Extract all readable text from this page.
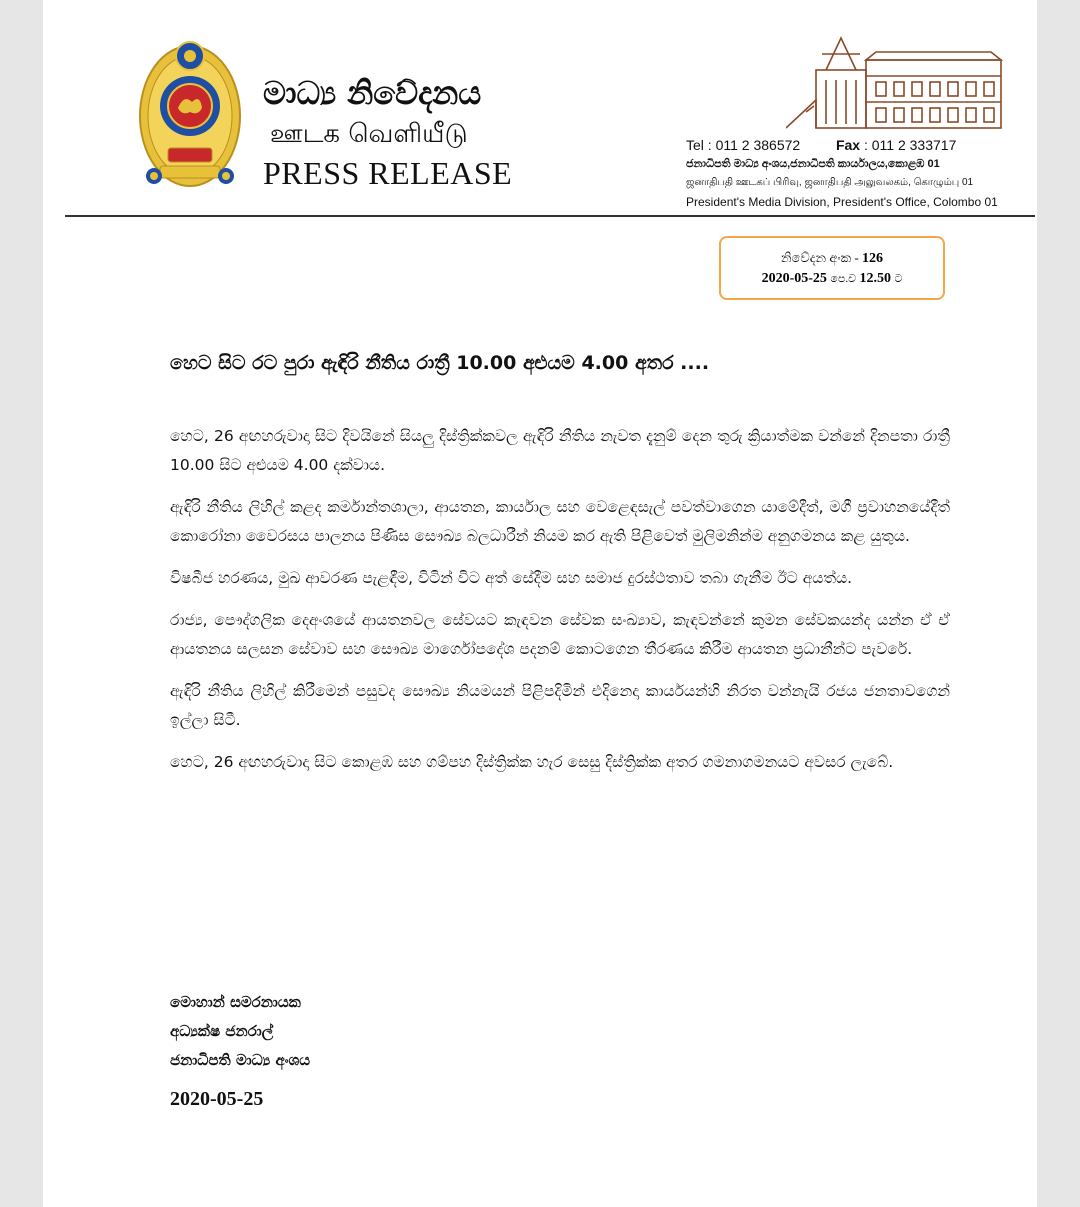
මාධ්‍ය නිවේදනය
ஊடக வெளியீடு
PRESS RELEASE
Tel : 011 2 386572	Fax : 011 2 333717
ජනාධිපති මාධ්‍ය අංශය,ජනාධිපති කාර්යාලය,කොළඹ 01
ஜனாதிபதி ஊடகப் பிரிவு, ஜனாதிபதி அலுவலகம், கொழும்பு 01
President's Media Division, President's Office, Colombo 01
නිවේදන අංක - 126
2020-05-25 පෙ.ව 12.50 ට
හෙට සිට රට පුරා ඇඳිරි නීතිය රාත්‍රී 10.00 අළුයම 4.00 අතර ....

හෙට, 26 අඟහරුවාදා සිට දිවයිනේ සියලු දිස්ත්‍රික්කවල ඇඳිරි නීතිය නැවත දැනුම් දෙන තුරු ක්‍රියාත්මක වන්නේ දිනපතා රාත්‍රී 10.00 සිට අළුයම 4.00 දක්වාය.

ඇඳිරි නීතිය ලිහිල් කළද කර්මාන්තශාලා, ආයතන, කාර්යාල සහ වෙළෙඳසැල් පවත්වාගෙන යාමේදීත්, මගී ප්‍රවාහනයේදීත් කොරෝනා වෛරසය පාලනය පිණිස සෞඛ්‍ය බලධාරීන් නියම කර ඇති පිළිවෙත් මුලිමනින්ම අනුගමනය කළ යුතුය.

විෂබීජ හරණය, මුඛ ආවරණ පැළඳීම, විටින් විට අත් සේදීම සහ සමාජ දුරස්ථතාව තබා ගැනීම ඊට අයත්ය.

රාජ්‍ය, පෞද්ගලික දෙඅංශයේ ආයතනවල සේවයට කැඳවන සේවක සංඛ්‍යාව, කැඳවන්නේ කුමන සේවකයන්ද යන්න ඒ ඒ ආයතනය සලසන සේවාව සහ සෞඛ්‍ය මාර්ගෝපදේශ පදනම් කොටගෙන තීරණය කිරීම ආයතන ප්‍රධානීන්ට පැවරේ.

ඇඳිරි නීතිය ලිහිල් කිරීමෙන් පසුවද සෞඛ්‍ය නියමයන් පිළිපදිමින් එදිනෙදා කාර්යයන්හි නිරත වන්නැයි රජය ජනතාවගෙන් ඉල්ලා සිටී.

හෙට, 26 අඟහරුවාදා සිට කොළඹ සහ ගම්පහ දිස්ත්‍රික්ක හැර සෙසු දිස්ත්‍රික්ක අතර ගමනාගමනයට අවසර ලැබේ.

මොහාන් සමරනායක
අධ්‍යක්ෂ ජනරාල්
ජනාධිපති මාධ්‍ය අංශය
2020-05-25
